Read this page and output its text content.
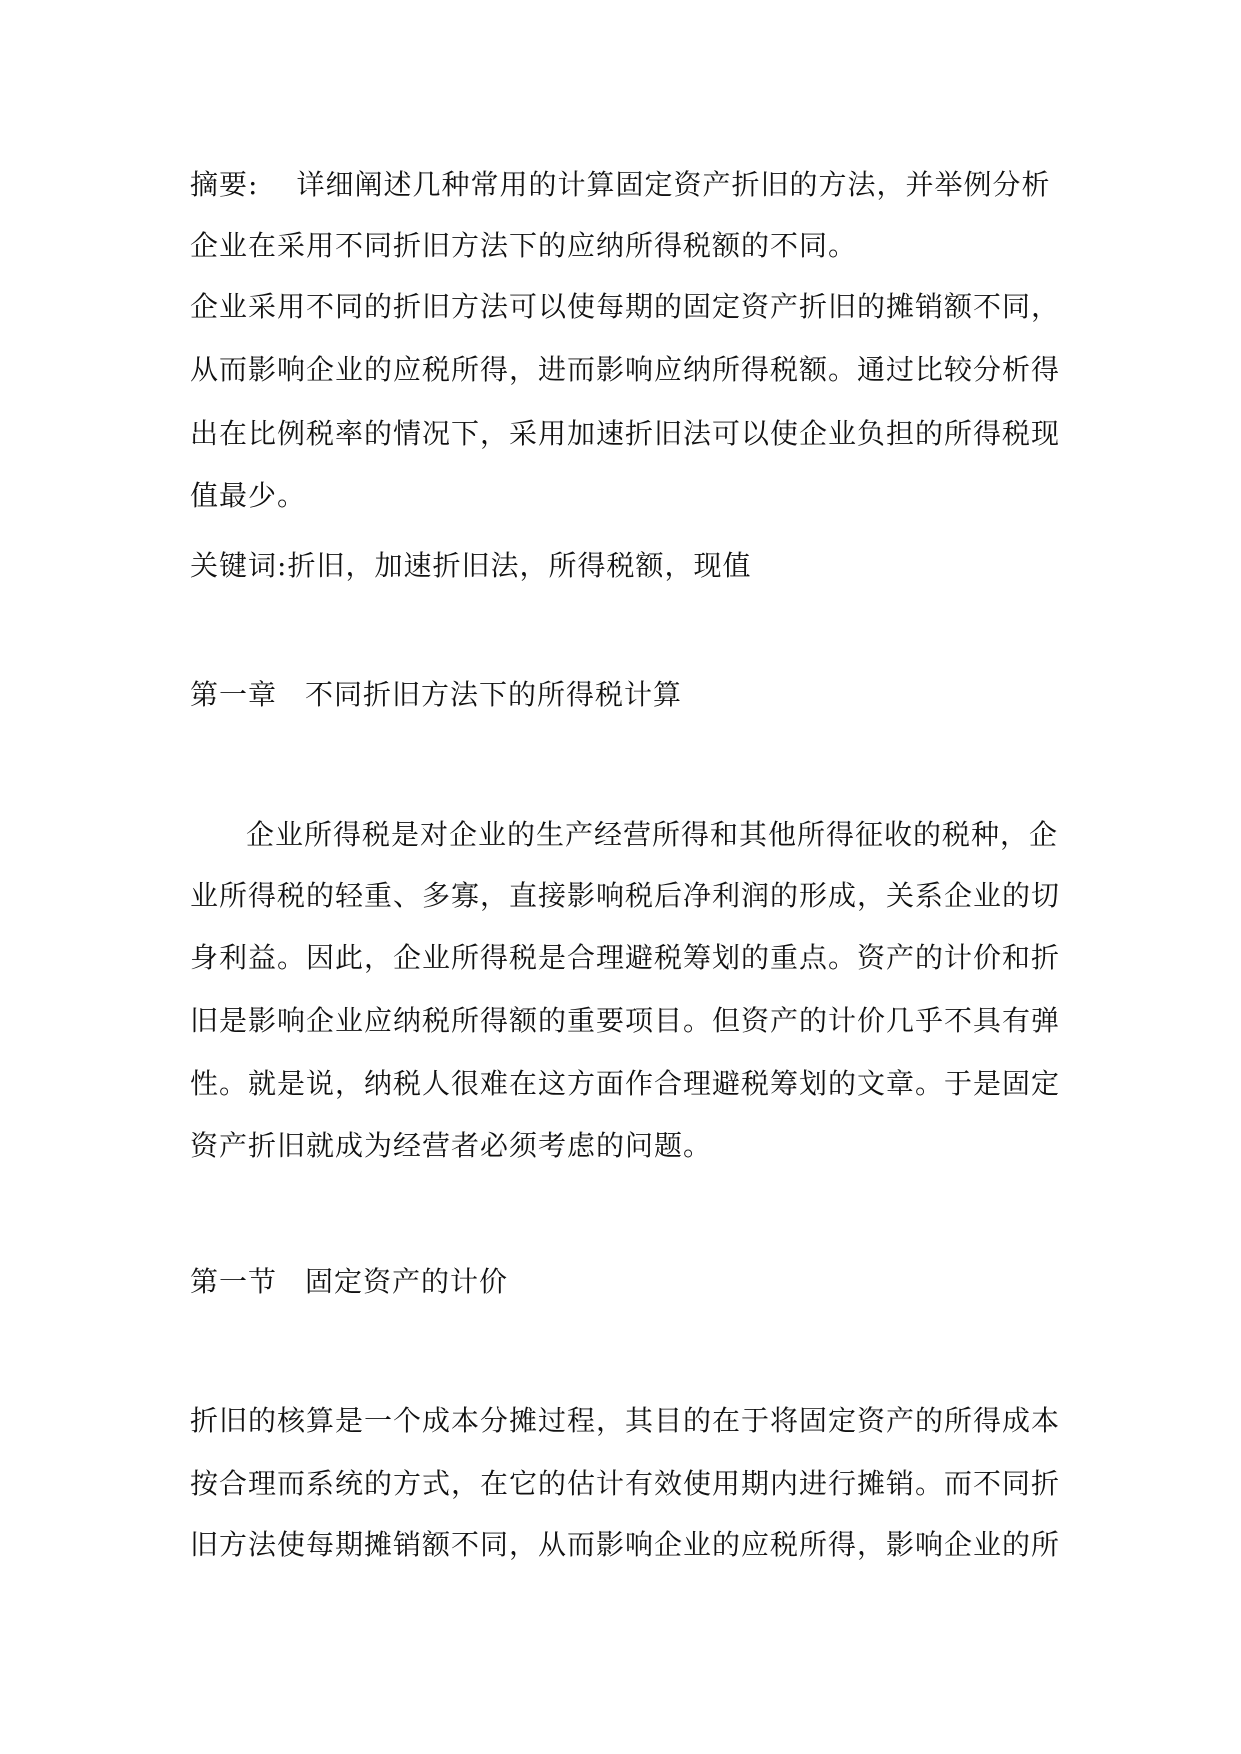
摘要: 详细阐述几种常用的计算固定资产折旧的方法，并举例分析
企业在采用不同折旧方法下的应纳所得税额的不同。
企业采用不同的折旧方法可以使每期的固定资产折旧的摊销额不同，
从而影响企业的应税所得，进而影响应纳所得税额。通过比较分析得
出在比例税率的情况下，采用加速折旧法可以使企业负担的所得税现
值最少。
关键词:折旧，加速折旧法，所得税额，现值
第一章 不同折旧方法下的所得税计算
企业所得税是对企业的生产经营所得和其他所得征收的税种，企
业所得税的轻重、多寡，直接影响税后净利润的形成，关系企业的切
身利益。因此，企业所得税是合理避税筹划的重点。资产的计价和折
旧是影响企业应纳税所得额的重要项目。但资产的计价几乎不具有弹
性。就是说，纳税人很难在这方面作合理避税筹划的文章。于是固定
资产折旧就成为经营者必须考虑的问题。
第一节 固定资产的计价
折旧的核算是一个成本分摊过程，其目的在于将固定资产的所得成本
按合理而系统的方式，在它的估计有效使用期内进行摊销。而不同折
旧方法使每期摊销额不同，从而影响企业的应税所得，影响企业的所
